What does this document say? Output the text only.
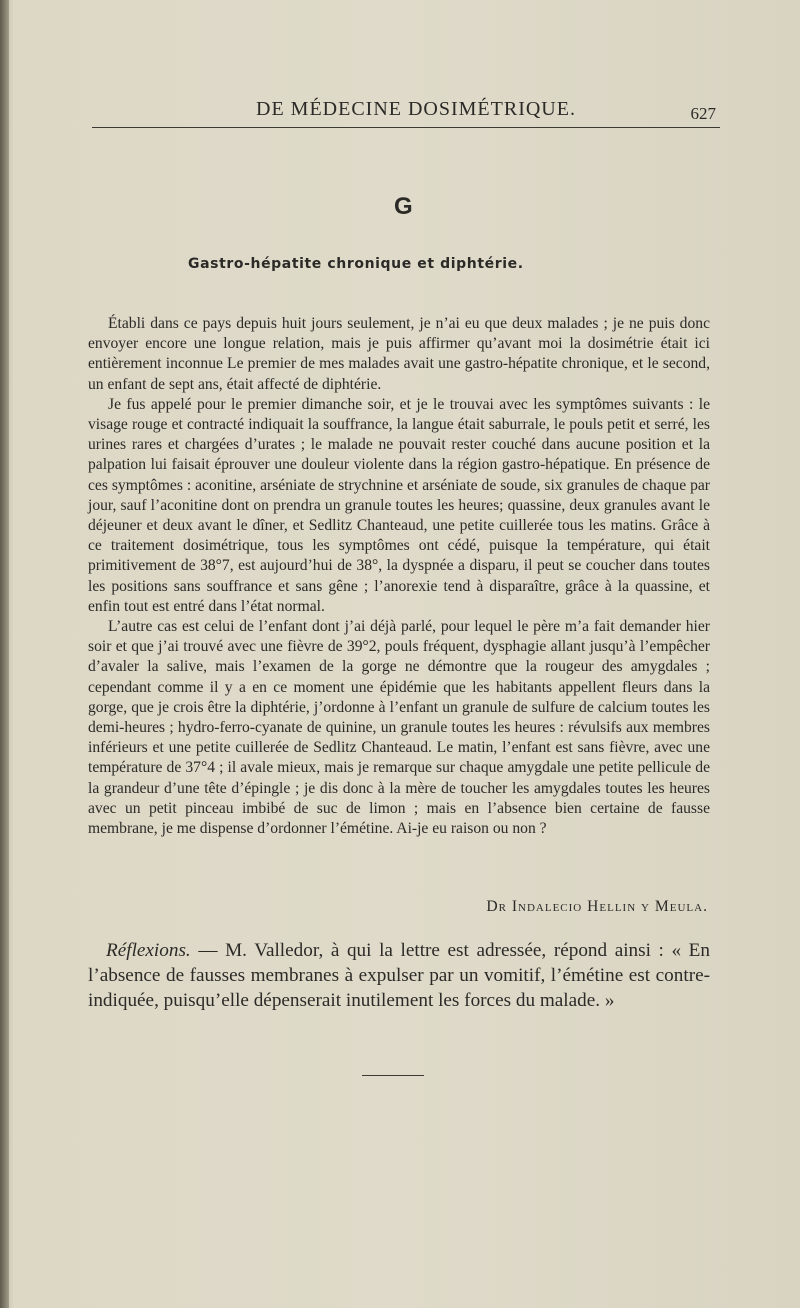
DE MÉDECINE DOSIMÉTRIQUE.	627
G
Gastro-hépatite chronique et diphtérie.

Établi dans ce pays depuis huit jours seulement, je n’ai eu que deux malades ; je ne puis donc envoyer encore une longue relation, mais je puis affirmer qu’avant moi la dosimétrie était ici entièrement inconnue Le premier de mes malades avait une gastro-hépatite chronique, et le second, un enfant de sept ans, était affecté de diphtérie.

Je fus appelé pour le premier dimanche soir, et je le trouvai avec les symptômes suivants : le visage rouge et contracté indiquait la souffrance, la langue était saburrale, le pouls petit et serré, les urines rares et chargées d’urates ; le malade ne pouvait rester couché dans aucune position et la palpation lui faisait éprouver une douleur violente dans la région gastro-hépatique. En présence de ces symptômes : aconitine, arséniate de strychnine et arséniate de soude, six granules de chaque par jour, sauf l’aconitine dont on prendra un granule toutes les heures; quassine, deux granules avant le déjeuner et deux avant le dîner, et Sedlitz Chanteaud, une petite cuillerée tous les matins. Grâce à ce traitement dosimétrique, tous les symptômes ont cédé, puisque la température, qui était primitivement de 38°7, est aujourd’hui de 38°, la dyspnée a disparu, il peut se coucher dans toutes les positions sans souffrance et sans gêne ; l’anorexie tend à disparaître, grâce à la quassine, et enfin tout est entré dans l’état normal.

L’autre cas est celui de l’enfant dont j’ai déjà parlé, pour lequel le père m’a fait demander hier soir et que j’ai trouvé avec une fièvre de 39°2, pouls fréquent, dysphagie allant jusqu’à l’empêcher d’avaler la salive, mais l’examen de la gorge ne démontre que la rougeur des amygdales ; cependant comme il y a en ce moment une épidémie que les habitants appellent fleurs dans la gorge, que je crois être la diphtérie, j’ordonne à l’enfant un granule de sulfure de calcium toutes les demi-heures ; hydro-ferro-cyanate de quinine, un granule toutes les heures : révulsifs aux membres inférieurs et une petite cuillerée de Sedlitz Chanteaud. Le matin, l’enfant est sans fièvre, avec une température de 37°4 ; il avale mieux, mais je remarque sur chaque amygdale une petite pellicule de la grandeur d’une tête d’épingle ; je dis donc à la mère de toucher les amygdales toutes les heures avec un petit pinceau imbibé de suc de limon ; mais en l’absence bien certaine de fausse membrane, je me dispense d’ordonner l’émétine. Ai-je eu raison ou non ?

Dr Indalecio Hellin y Meula.

Réflexions. — M. Valledor, à qui la lettre est adressée, répond ainsi : « En l’absence de fausses membranes à expulser par un vomitif, l’émétine est contre-indiquée, puisqu’elle dépenserait inutilement les forces du malade. »
